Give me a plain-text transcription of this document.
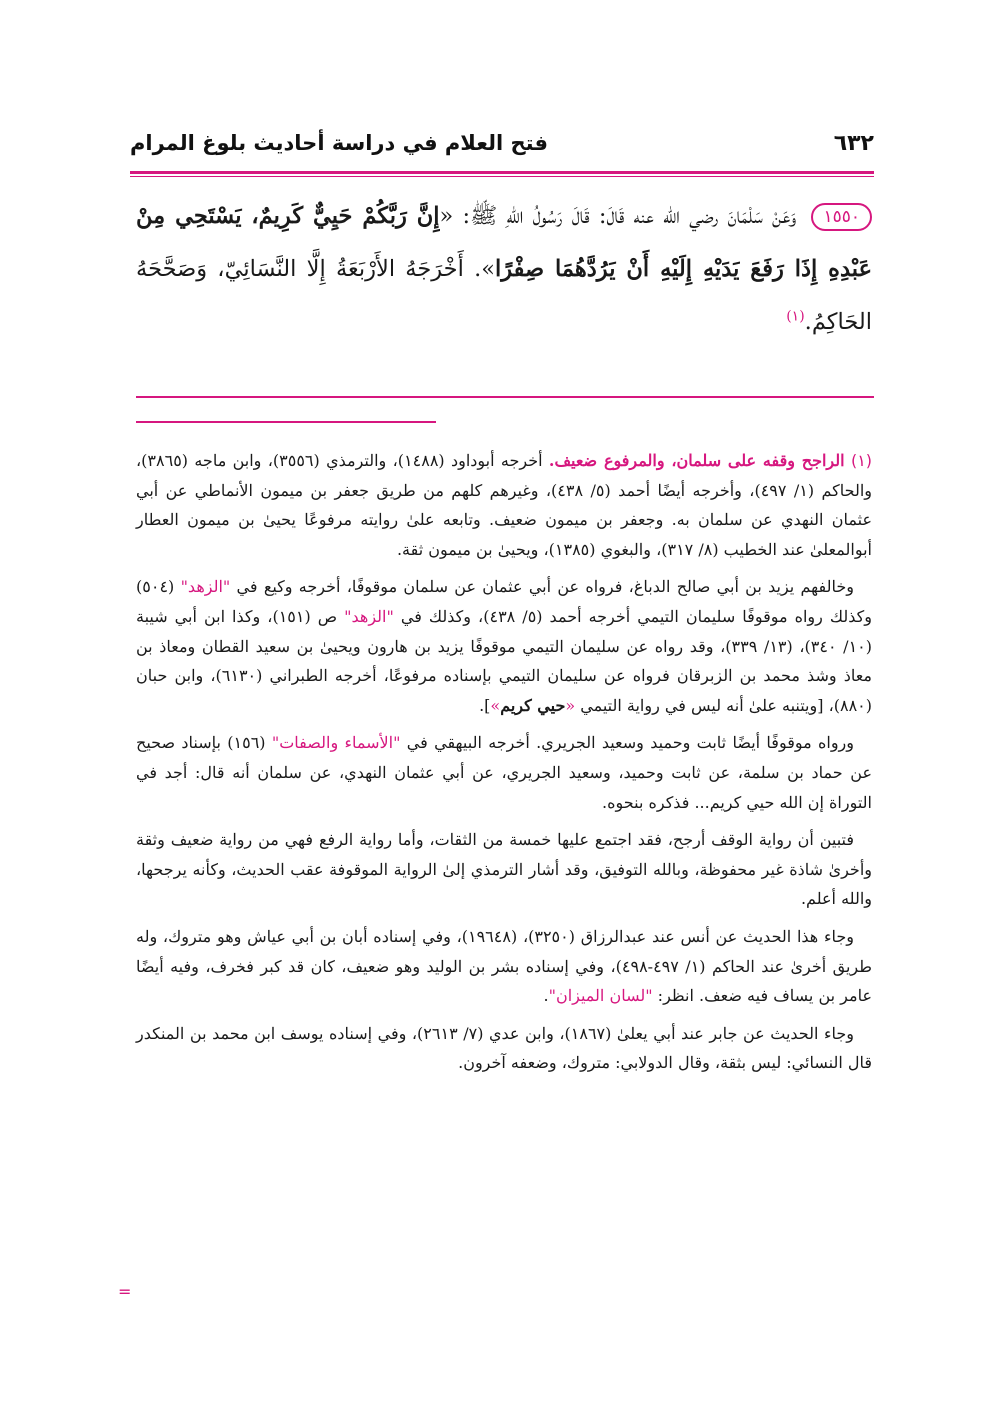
٦٣٢
فتح العلام في دراسة أحاديث بلوغ المرام
١٥٥٠ وَعَنْ سَلْمَانَ رضي الله عنه قَالَ: قَالَ رَسُولُ اللهِ ﷺ: «إِنَّ رَبَّكُمْ حَيِيٌّ كَرِيمٌ، يَسْتَحِي مِنْ عَبْدِهِ إِذَا رَفَعَ يَدَيْهِ إِلَيْهِ أَنْ يَرُدَّهُمَا صِفْرًا». أَخْرَجَهُ الأَرْبَعَةُ إِلَّا النَّسَائِيّ، وَصَحَّحَهُ الحَاكِمُ.$^{(١)}$

(١) الراجح وقفه على سلمان، والمرفوع ضعيف. أخرجه أبوداود (١٤٨٨)، والترمذي (٣٥٥٦)، وابن ماجه (٣٨٦٥)، والحاكم (١/ ٤٩٧)، وأخرجه أيضًا أحمد (٥/ ٤٣٨)، وغيرهم كلهم من طريق جعفر بن ميمون الأنماطي عن أبي عثمان النهدي عن سلمان به. وجعفر بن ميمون ضعيف. وتابعه علىٰ روايته مرفوعًا يحيىٰ بن ميمون العطار أبوالمعلىٰ عند الخطيب (٨/ ٣١٧)، والبغوي (١٣٨٥)، ويحيىٰ بن ميمون ثقة.

وخالفهم يزيد بن أبي صالح الدباغ، فرواه عن أبي عثمان عن سلمان موقوفًا، أخرجه وكيع في "الزهد" (٥٠٤) وكذلك رواه موقوفًا سليمان التيمي أخرجه أحمد (٥/ ٤٣٨)، وكذلك في "الزهد" ص (١٥١)، وكذا ابن أبي شيبة (١٠/ ٣٤٠)، (١٣/ ٣٣٩)، وقد رواه عن سليمان التيمي موقوفًا يزيد بن هارون ويحيىٰ بن سعيد القطان ومعاذ بن معاذ وشذ محمد بن الزبرقان فرواه عن سليمان التيمي بإسناده مرفوعًا، أخرجه الطبراني (٦١٣٠)، وابن حبان (٨٨٠)، [ويتنبه علىٰ أنه ليس في رواية التيمي «حيي كريم»].

ورواه موقوفًا أيضًا ثابت وحميد وسعيد الجريري. أخرجه البيهقي في "الأسماء والصفات" (١٥٦) بإسناد صحيح عن حماد بن سلمة، عن ثابت وحميد، وسعيد الجريري، عن أبي عثمان النهدي، عن سلمان أنه قال: أجد في التوراة إن الله حيي كريم... فذكره بنحوه.

فتبين أن رواية الوقف أرجح، فقد اجتمع عليها خمسة من الثقات، وأما رواية الرفع فهي من رواية ضعيف وثقة وأخرىٰ شاذة غير محفوظة، وبالله التوفيق، وقد أشار الترمذي إلىٰ الرواية الموقوفة عقب الحديث، وكأنه يرجحها، والله أعلم.

وجاء هذا الحديث عن أنس عند عبدالرزاق (٣٢٥٠)، (١٩٦٤٨)، وفي إسناده أبان بن أبي عياش وهو متروك، وله طريق أخرىٰ عند الحاكم (١/ ٤٩٧-٤٩٨)، وفي إسناده بشر بن الوليد وهو ضعيف، كان قد كبر فخرف، وفيه أيضًا عامر بن يساف فيه ضعف. انظر: "لسان الميزان".

وجاء الحديث عن جابر عند أبي يعلىٰ (١٨٦٧)، وابن عدي (٧/ ٢٦١٣)، وفي إسناده يوسف ابن محمد بن المنكدر قال النسائي: ليس بثقة، وقال الدولابي: متروك، وضعفه آخرون.

=
